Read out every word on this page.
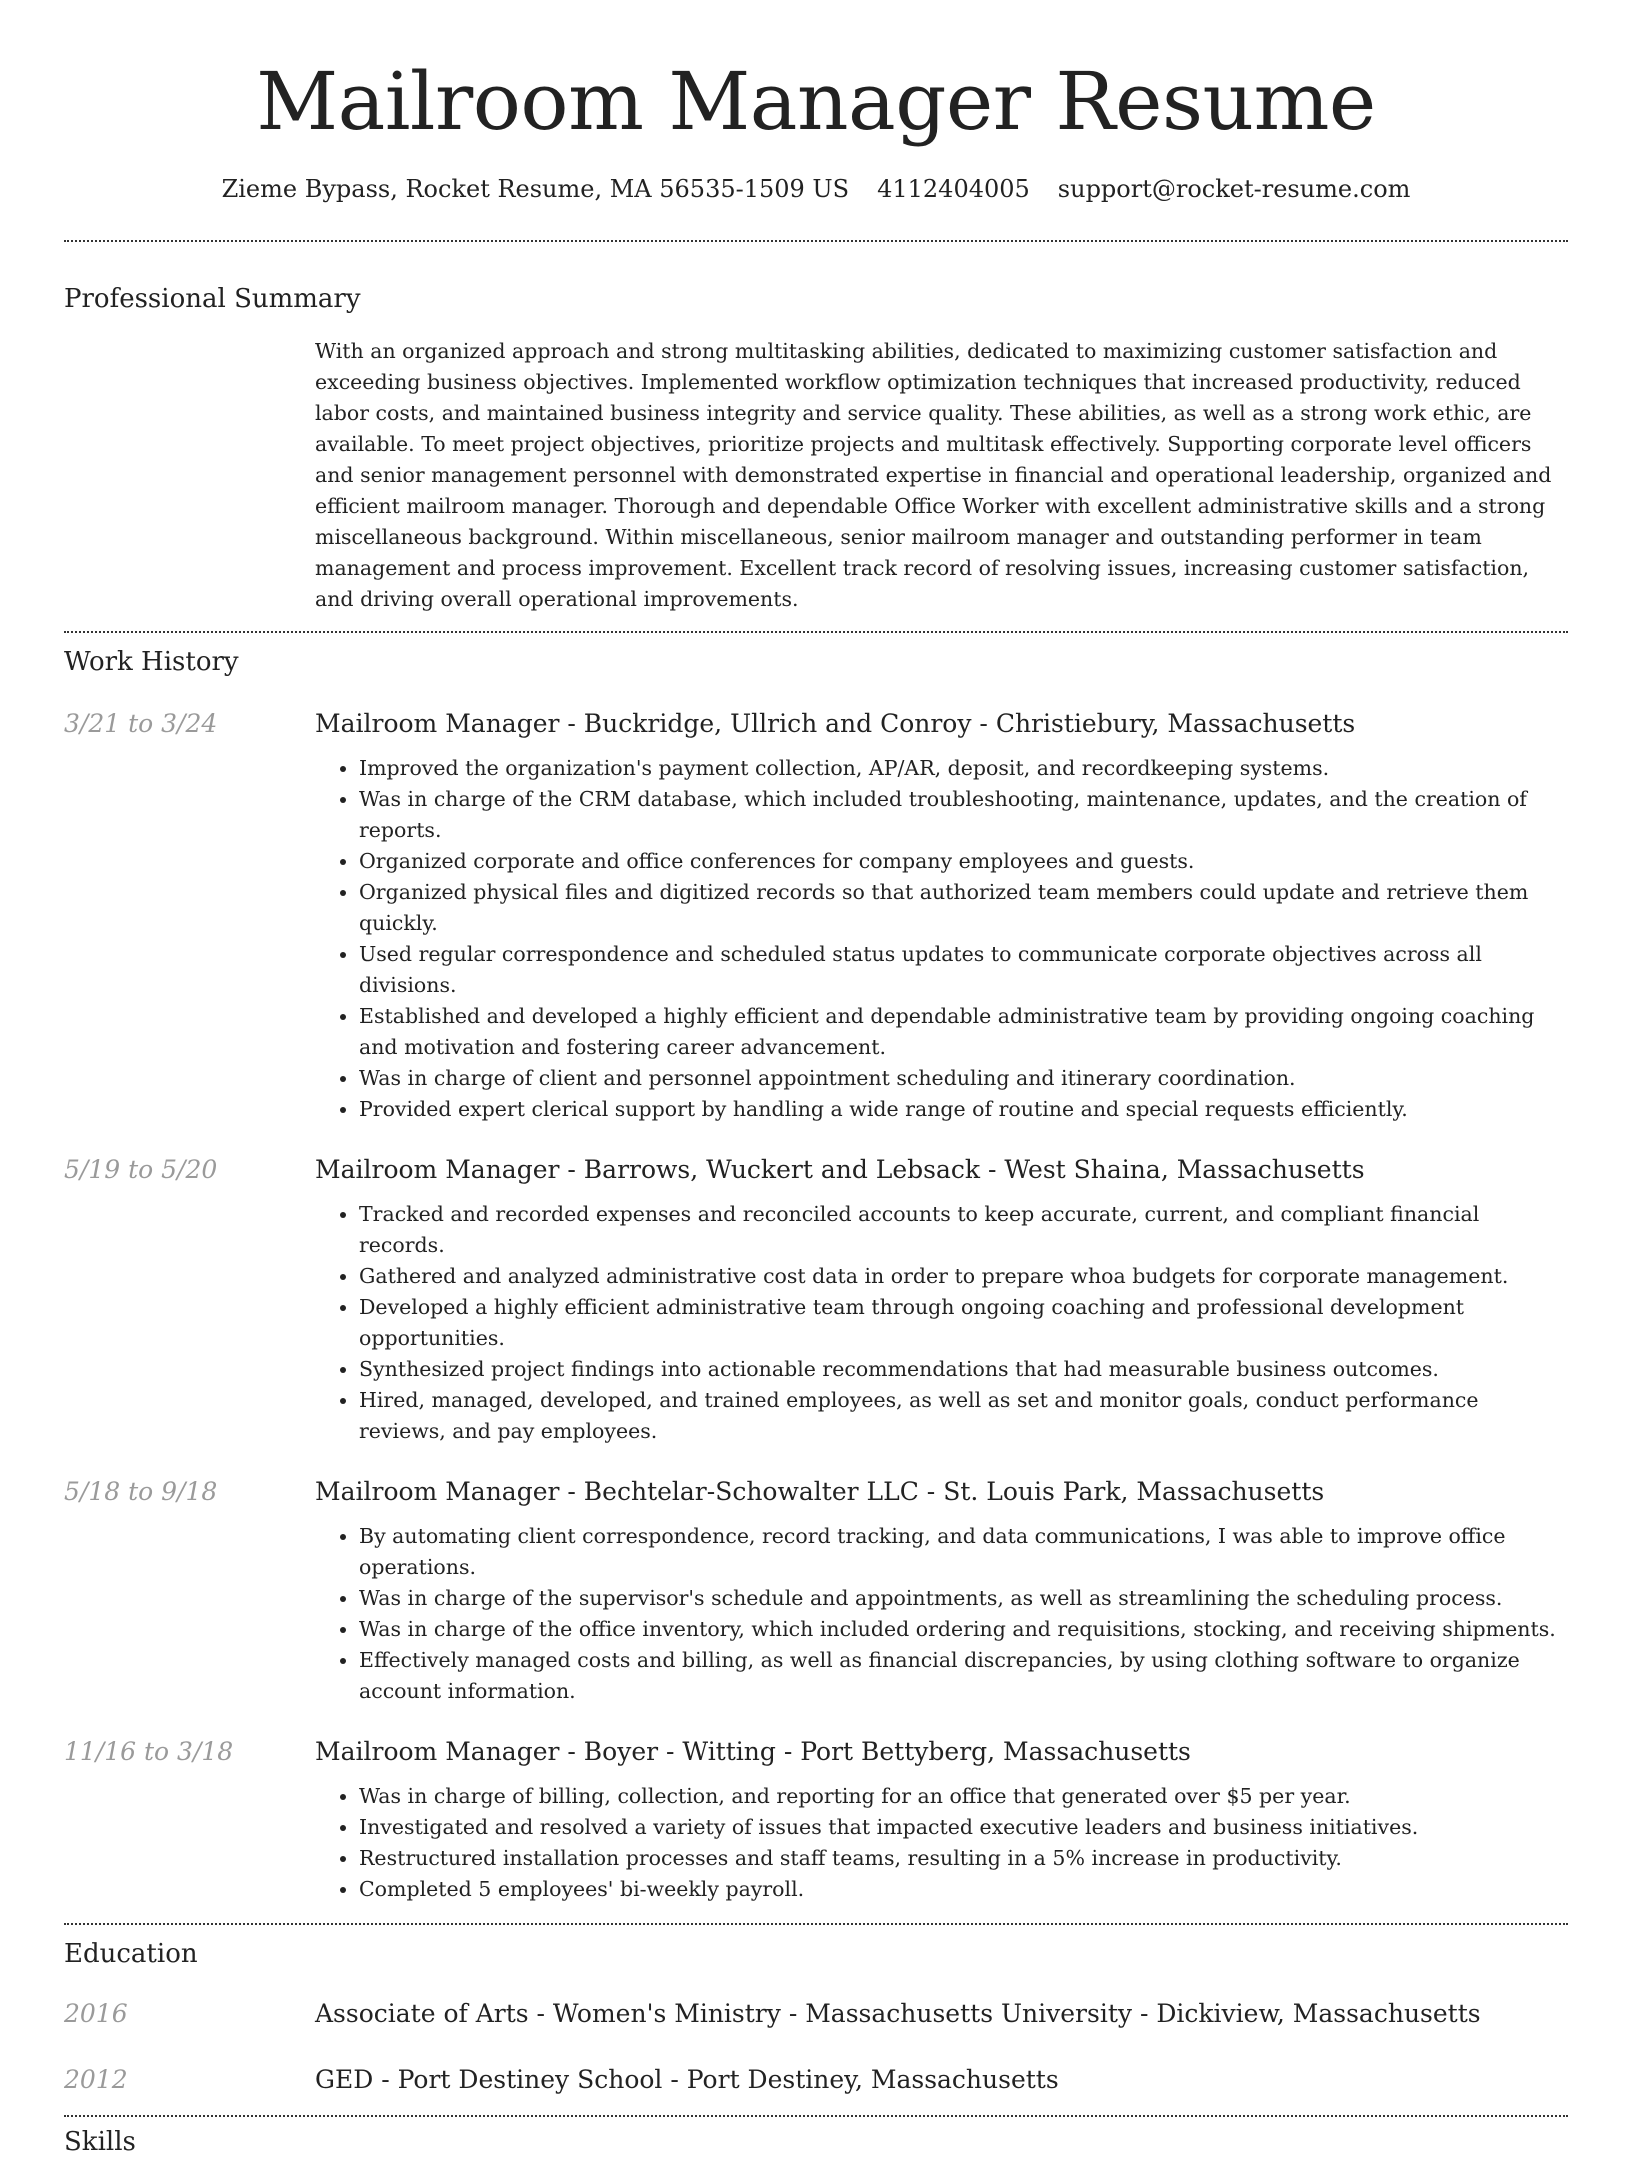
Mailroom Manager Resume
Zieme Bypass, Rocket Resume, MA 56535-1509 US 4112404005 support@rocket-resume.com
Professional Summary
With an organized approach and strong multitasking abilities, dedicated to maximizing customer satisfaction and exceeding business objectives. Implemented workflow optimization techniques that increased productivity, reduced labor costs, and maintained business integrity and service quality. These abilities, as well as a strong work ethic, are available. To meet project objectives, prioritize projects and multitask effectively. Supporting corporate level officers and senior management personnel with demonstrated expertise in financial and operational leadership, organized and efficient mailroom manager. Thorough and dependable Office Worker with excellent administrative skills and a strong miscellaneous background. Within miscellaneous, senior mailroom manager and outstanding performer in team management and process improvement. Excellent track record of resolving issues, increasing customer satisfaction, and driving overall operational improvements.
Work History
3/21 to 3/24	Mailroom Manager - Buckridge, Ullrich and Conroy - Christiebury, Massachusetts
• Improved the organization's payment collection, AP/AR, deposit, and recordkeeping systems.
• Was in charge of the CRM database, which included troubleshooting, maintenance, updates, and the creation of reports.
• Organized corporate and office conferences for company employees and guests.
• Organized physical files and digitized records so that authorized team members could update and retrieve them quickly.
• Used regular correspondence and scheduled status updates to communicate corporate objectives across all divisions.
• Established and developed a highly efficient and dependable administrative team by providing ongoing coaching and motivation and fostering career advancement.
• Was in charge of client and personnel appointment scheduling and itinerary coordination.
• Provided expert clerical support by handling a wide range of routine and special requests efficiently.
5/19 to 5/20	Mailroom Manager - Barrows, Wuckert and Lebsack - West Shaina, Massachusetts
• Tracked and recorded expenses and reconciled accounts to keep accurate, current, and compliant financial records.
• Gathered and analyzed administrative cost data in order to prepare whoa budgets for corporate management.
• Developed a highly efficient administrative team through ongoing coaching and professional development opportunities.
• Synthesized project findings into actionable recommendations that had measurable business outcomes.
• Hired, managed, developed, and trained employees, as well as set and monitor goals, conduct performance reviews, and pay employees.
5/18 to 9/18	Mailroom Manager - Bechtelar-Schowalter LLC - St. Louis Park, Massachusetts
• By automating client correspondence, record tracking, and data communications, I was able to improve office operations.
• Was in charge of the supervisor's schedule and appointments, as well as streamlining the scheduling process.
• Was in charge of the office inventory, which included ordering and requisitions, stocking, and receiving shipments.
• Effectively managed costs and billing, as well as financial discrepancies, by using clothing software to organize account information.
11/16 to 3/18	Mailroom Manager - Boyer - Witting - Port Bettyberg, Massachusetts
• Was in charge of billing, collection, and reporting for an office that generated over $5 per year.
• Investigated and resolved a variety of issues that impacted executive leaders and business initiatives.
• Restructured installation processes and staff teams, resulting in a 5% increase in productivity.
• Completed 5 employees' bi-weekly payroll.
Education
2016	Associate of Arts - Women's Ministry - Massachusetts University - Dickiview, Massachusetts
2012	GED - Port Destiney School - Port Destiney, Massachusetts
Skills
